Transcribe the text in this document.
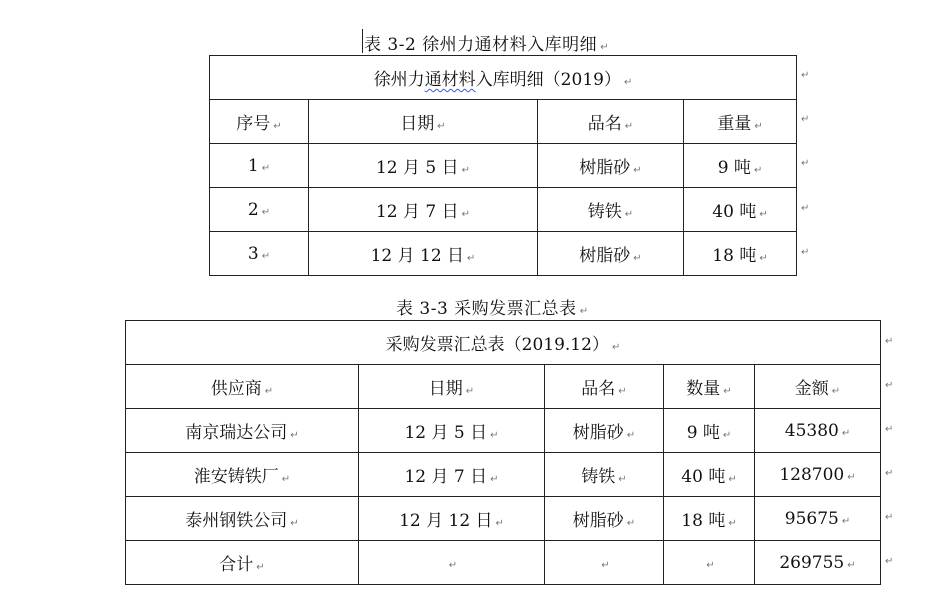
表 3-2 徐州力通材料入库明细 ↵
徐州力通材料入库明细（2019） ↵			
序号 ↵	日期 ↵	品名 ↵	重量 ↵
1 ↵	12 月 5 日 ↵	树脂砂 ↵	9 吨 ↵
2 ↵	12 月 7 日 ↵	铸铁 ↵	40 吨 ↵
3 ↵	12 月 12 日 ↵	树脂砂 ↵	18 吨 ↵
↵
↵
↵
↵
↵
表 3-3 采购发票汇总表 ↵
采购发票汇总表（2019.12） ↵				
供应商 ↵	日期 ↵	品名 ↵	数量 ↵	金额 ↵
南京瑞达公司 ↵	12 月 5 日 ↵	树脂砂 ↵	9 吨 ↵	45380 ↵
淮安铸铁厂 ↵	12 月 7 日 ↵	铸铁 ↵	40 吨 ↵	128700 ↵
泰州钢铁公司 ↵	12 月 12 日 ↵	树脂砂 ↵	18 吨 ↵	95675 ↵
合计 ↵	↵	↵	↵	269755 ↵
↵
↵
↵
↵
↵
↵
